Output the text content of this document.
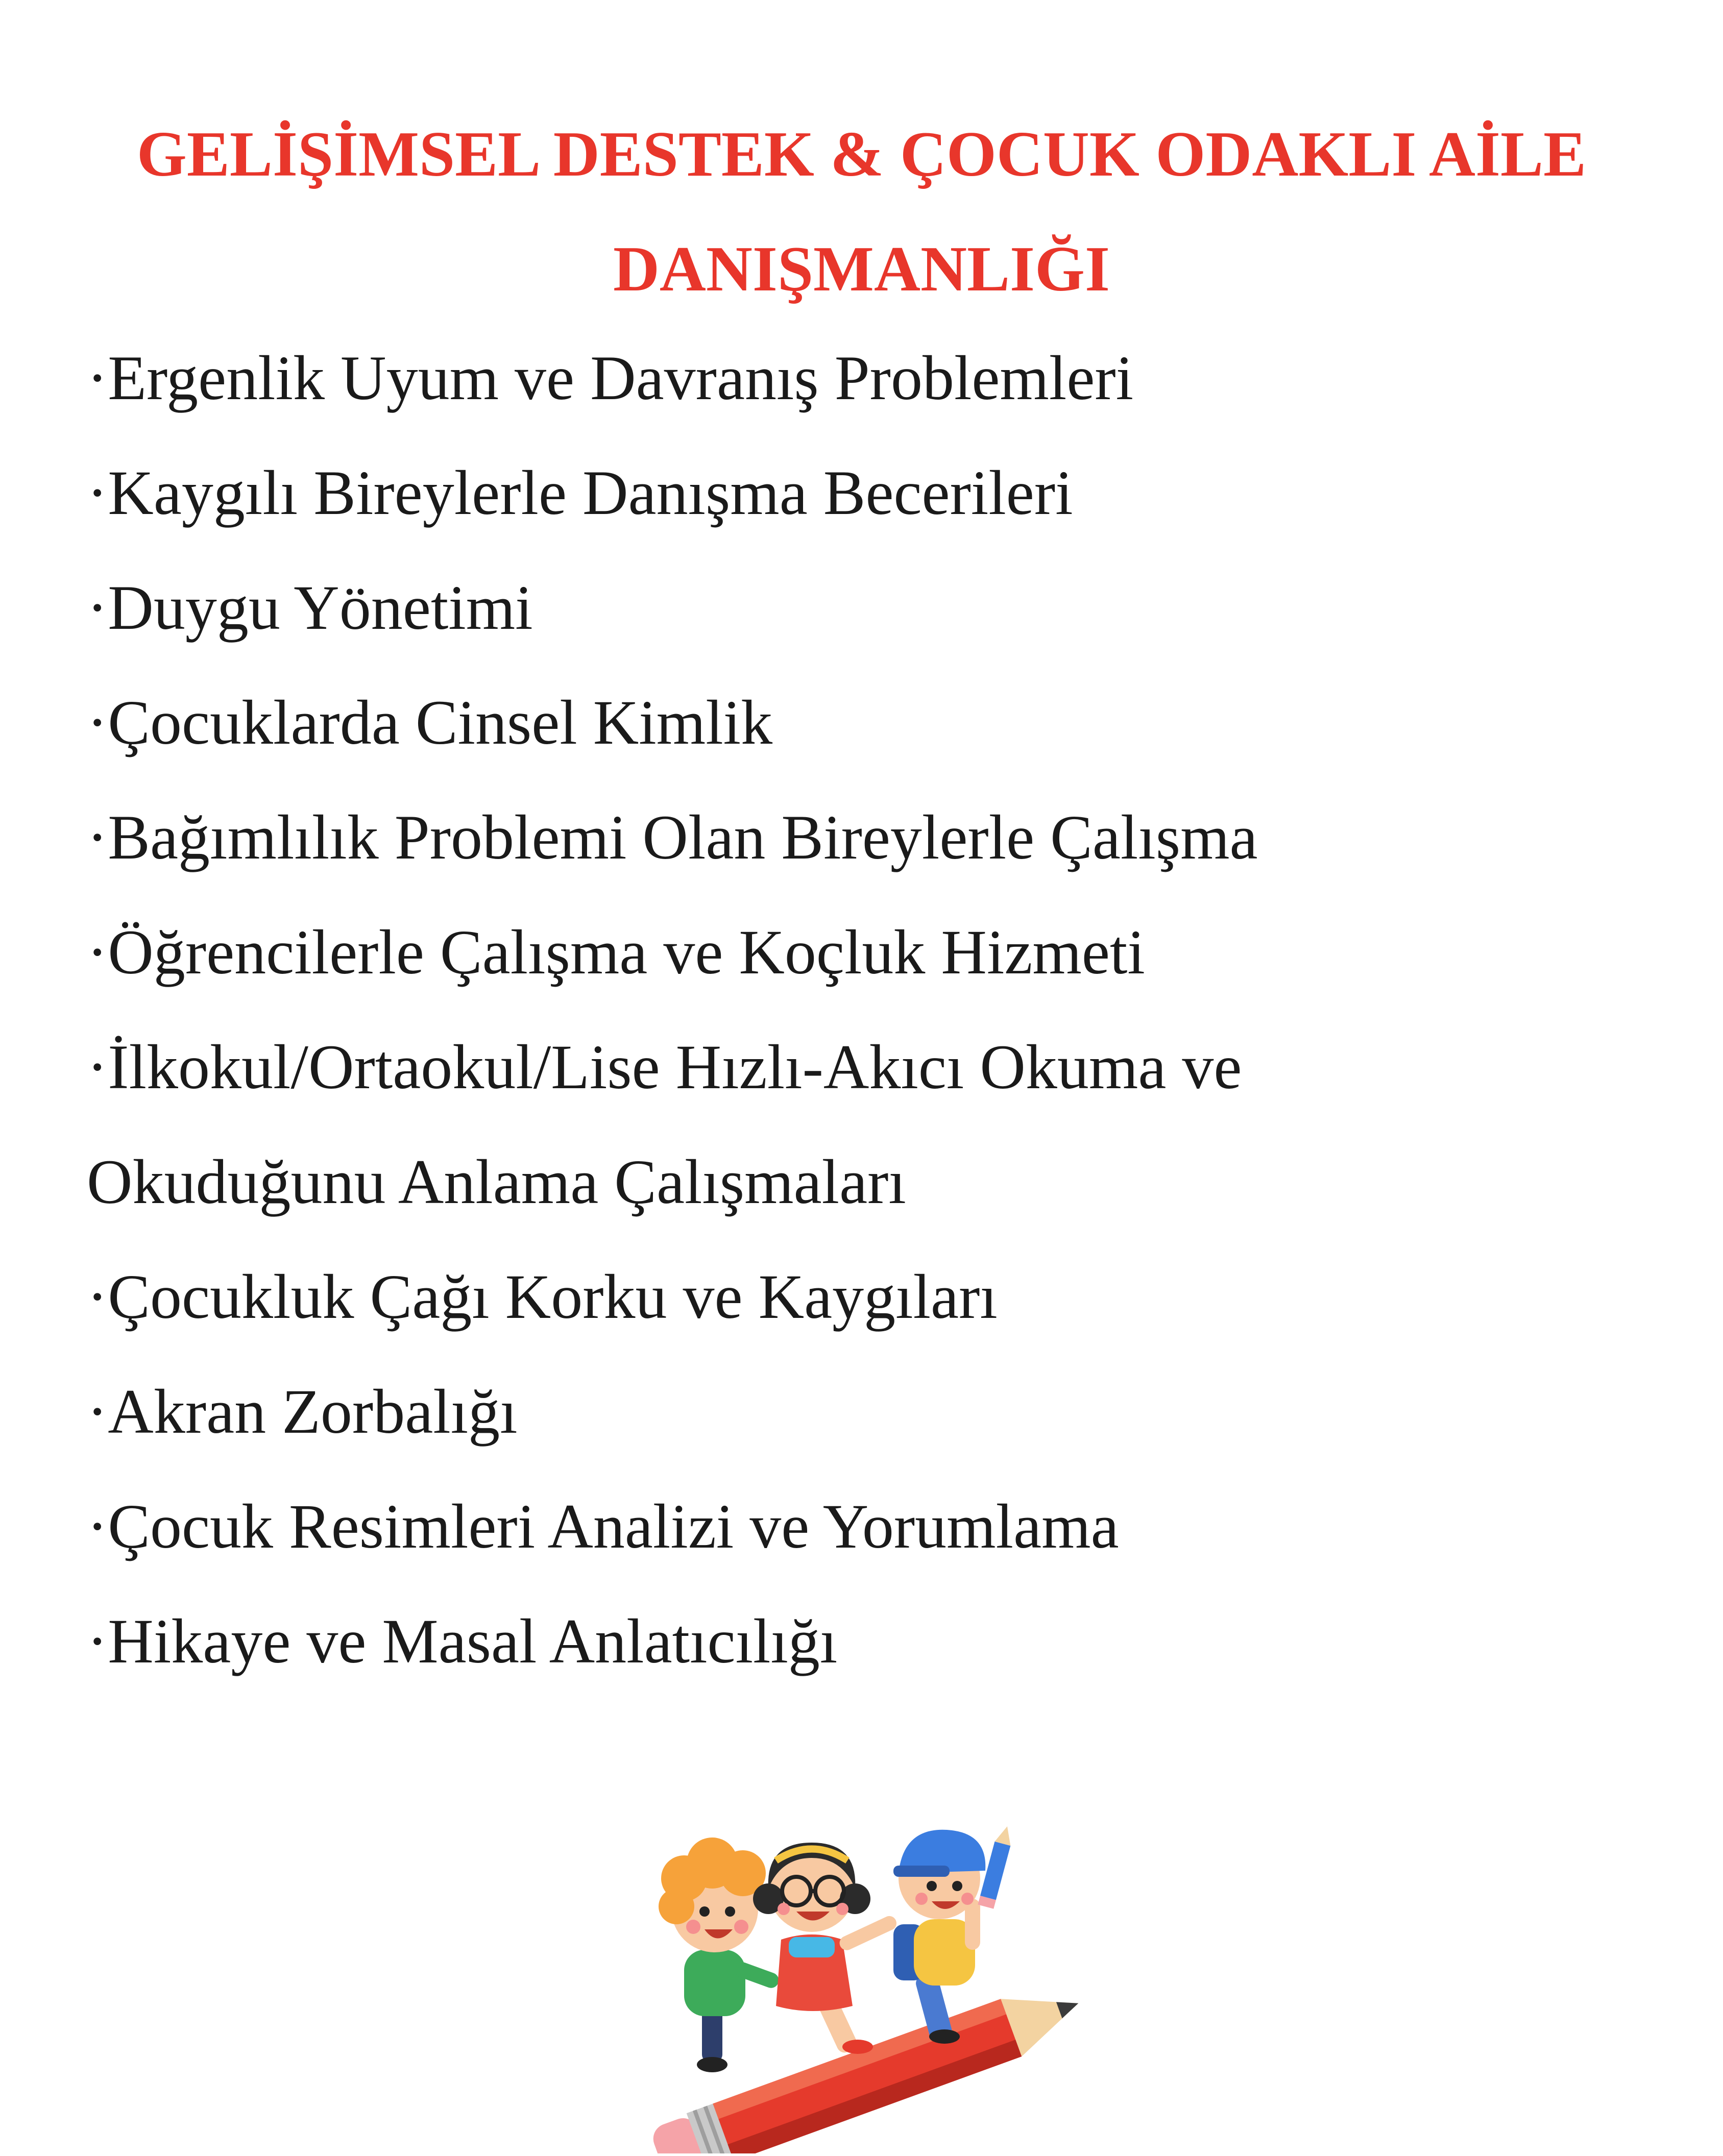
GELİŞİMSEL DESTEK & ÇOCUK ODAKLI AİLE
DANIŞMANLIĞI
·Ergenlik Uyum ve Davranış Problemleri
·Kaygılı Bireylerle Danışma Becerileri
·Duygu Yönetimi
·Çocuklarda Cinsel Kimlik
·Bağımlılık Problemi Olan Bireylerle Çalışma
·Öğrencilerle Çalışma ve Koçluk Hizmeti
·İlkokul/Ortaokul/Lise Hızlı-Akıcı Okuma ve
Okuduğunu Anlama Çalışmaları
·Çocukluk Çağı Korku ve Kaygıları
·Akran Zorbalığı
·Çocuk Resimleri Analizi ve Yorumlama
·Hikaye ve Masal Anlatıcılığı
